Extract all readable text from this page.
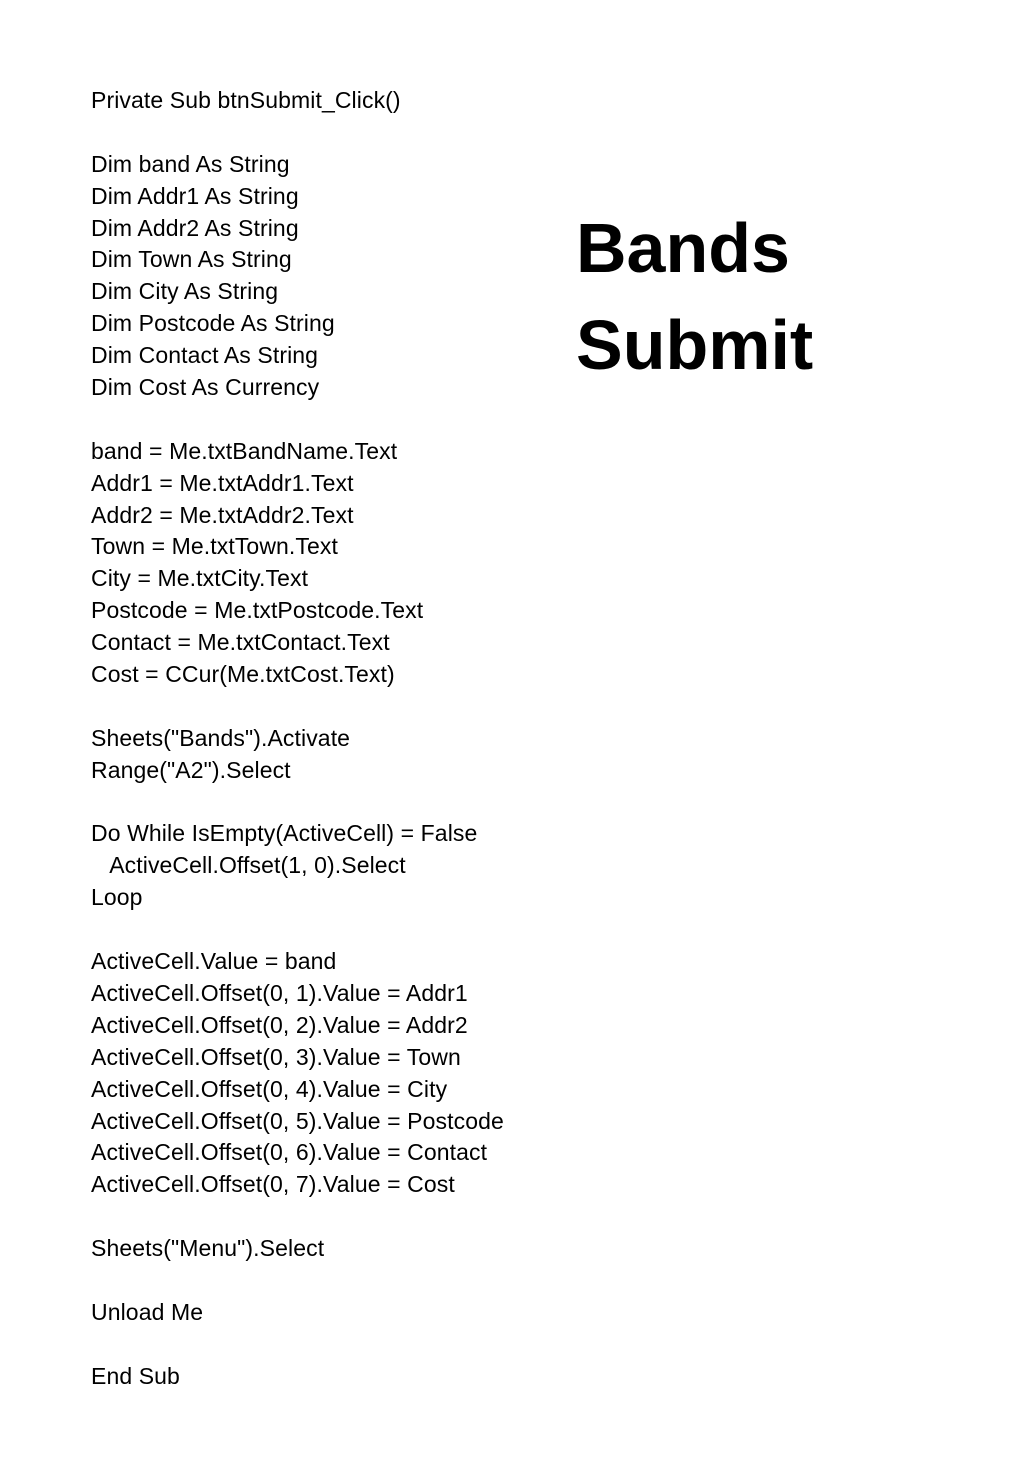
Private Sub btnSubmit_Click()
Dim band As String
Dim Addr1 As String
Dim Addr2 As String
Dim Town As String
Dim City As String
Dim Postcode As String
Dim Contact As String
Dim Cost As Currency
band = Me.txtBandName.Text
Addr1 = Me.txtAddr1.Text
Addr2 = Me.txtAddr2.Text
Town = Me.txtTown.Text
City = Me.txtCity.Text
Postcode = Me.txtPostcode.Text
Contact = Me.txtContact.Text
Cost = CCur(Me.txtCost.Text)
Sheets("Bands").Activate
Range("A2").Select
Do While IsEmpty(ActiveCell) = False
ActiveCell.Offset(1, 0).Select
Loop
ActiveCell.Value = band
ActiveCell.Offset(0, 1).Value = Addr1
ActiveCell.Offset(0, 2).Value = Addr2
ActiveCell.Offset(0, 3).Value = Town
ActiveCell.Offset(0, 4).Value = City
ActiveCell.Offset(0, 5).Value = Postcode
ActiveCell.Offset(0, 6).Value = Contact
ActiveCell.Offset(0, 7).Value = Cost
Sheets("Menu").Select
Unload Me
End Sub
Bands
Submit
